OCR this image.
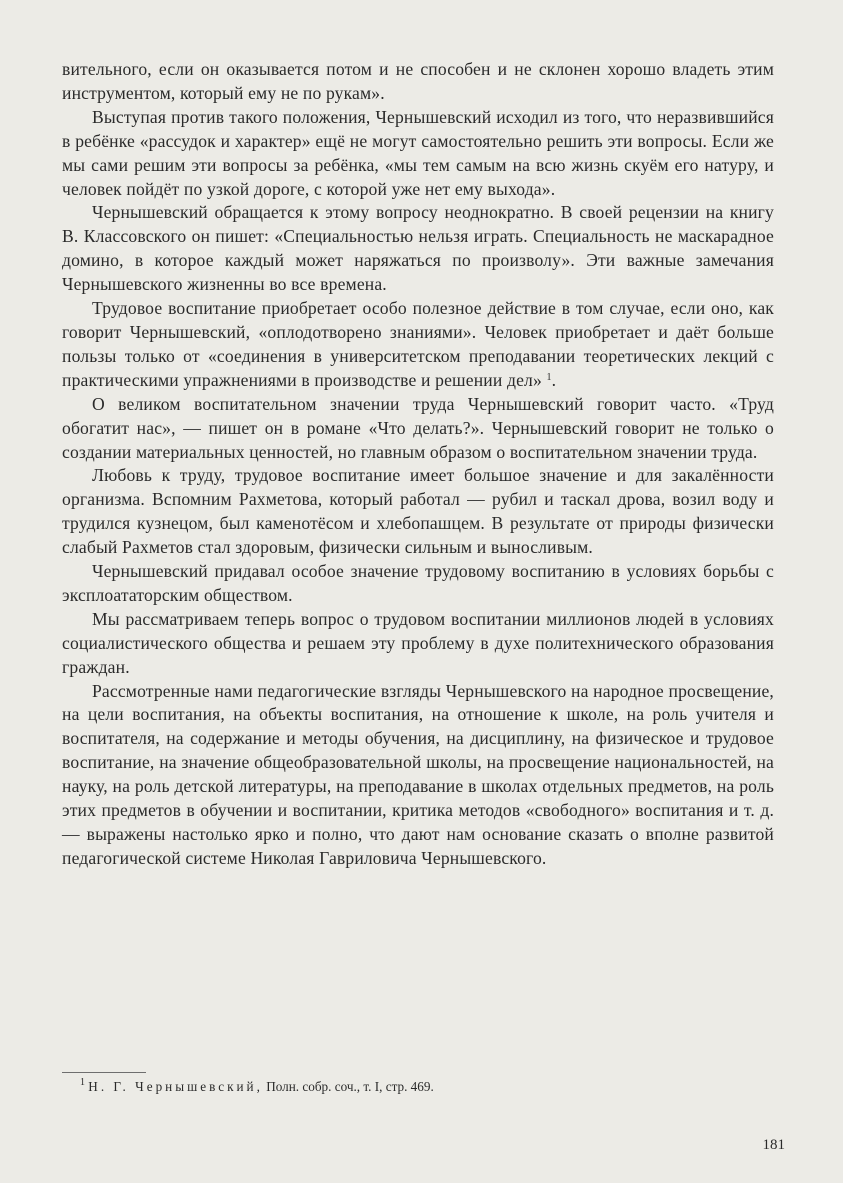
вительного, если он оказывается потом и не способен и не склонен хорошо владеть этим инструментом, который ему не по рукам».

Выступая против такого положения, Чернышевский исходил из того, что неразвившийся в ребёнке «рассудок и характер» ещё не могут самостоятельно решить эти вопросы. Если же мы сами решим эти вопросы за ребёнка, «мы тем самым на всю жизнь скуём его натуру, и человек пойдёт по узкой дороге, с которой уже нет ему выхода».

Чернышевский обращается к этому вопросу неоднократно. В своей рецензии на книгу В. Классовского он пишет: «Специальностью нельзя играть. Специальность не маскарадное домино, в которое каждый может наряжаться по произволу». Эти важные замечания Чернышевского жизненны во все времена.

Трудовое воспитание приобретает особо полезное действие в том случае, если оно, как говорит Чернышевский, «оплодотворено знаниями». Человек приобретает и даёт больше пользы только от «соединения в университетском преподавании теоретических лекций с практическими упражнениями в производстве и решении дел» $^1$.

О великом воспитательном значении труда Чернышевский говорит часто. «Труд обогатит нас», — пишет он в романе «Что делать?». Чернышевский говорит не только о создании материальных ценностей, но главным образом о воспитательном значении труда.

Любовь к труду, трудовое воспитание имеет большое значение и для закалённости организма. Вспомним Рахметова, который работал — рубил и таскал дрова, возил воду и трудился кузнецом, был каменотёсом и хлебопашцем. В результате от природы физически слабый Рахметов стал здоровым, физически сильным и выносливым.

Чернышевский придавал особое значение трудовому воспитанию в условиях борьбы с эксплоататорским обществом.

Мы рассматриваем теперь вопрос о трудовом воспитании миллионов людей в условиях социалистического общества и решаем эту проблему в духе политехнического образования граждан.

Рассмотренные нами педагогические взгляды Чернышевского на народное просвещение, на цели воспитания, на объекты воспитания, на отношение к школе, на роль учителя и воспитателя, на содержание и методы обучения, на дисциплину, на физическое и трудовое воспитание, на значение общеобразовательной школы, на просвещение национальностей, на науку, на роль детской литературы, на преподавание в школах отдельных предметов, на роль этих предметов в обучении и воспитании, критика методов «свободного» воспитания и т. д. — выражены настолько ярко и полно, что дают нам основание сказать о вполне развитой педагогической системе Николая Гавриловича Чернышевского.

$^1$ Н. Г. Чернышевский, Полн. собр. соч., т. I, стр. 469.

181
